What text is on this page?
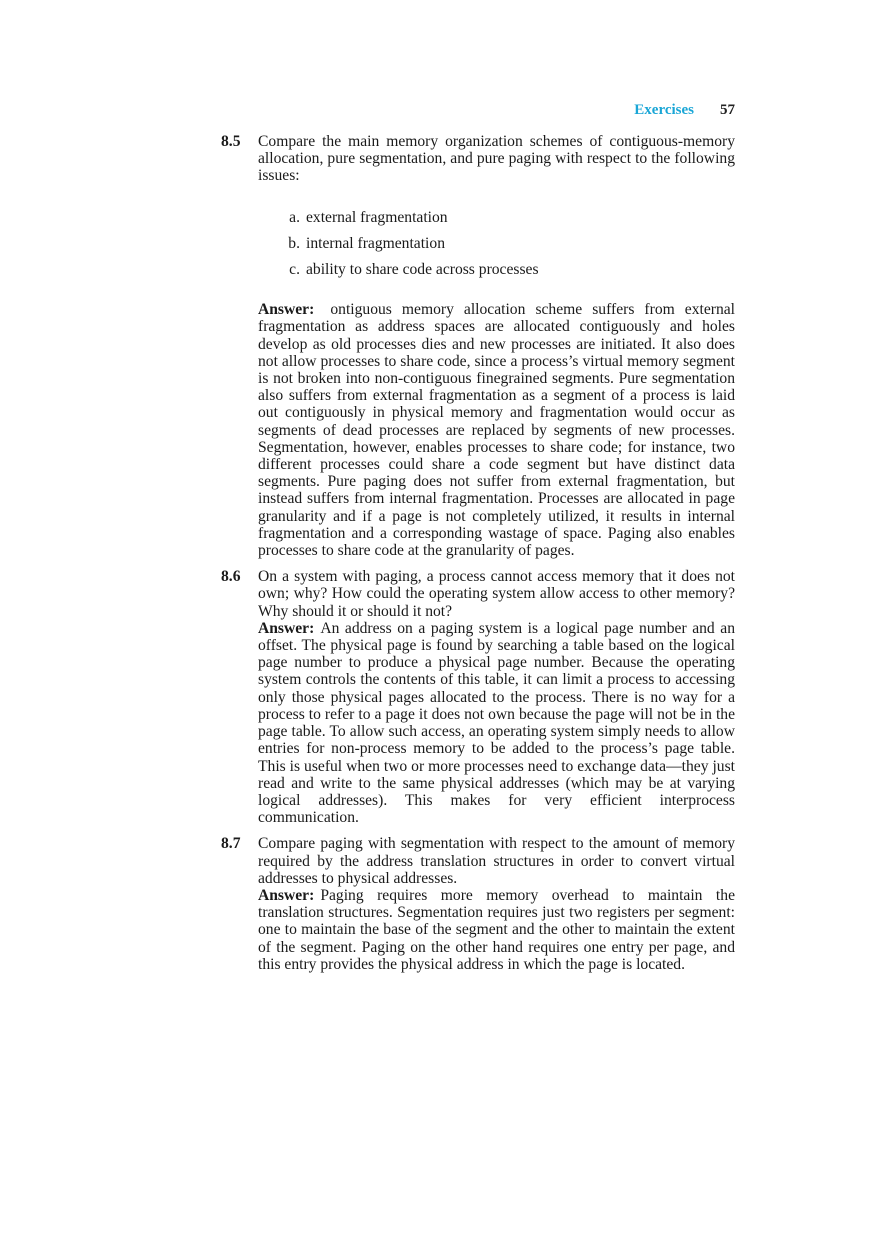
Exercises 57
8.5	Compare the main memory organization schemes of contiguous-memory allocation, pure segmentation, and pure paging with respect to the following issues:

a. external fragmentation
b. internal fragmentation
c. ability to share code across processes

Answer: ontiguous memory allocation scheme suffers from external fragmentation as address spaces are allocated contiguously and holes develop as old processes dies and new processes are initiated. It also does not allow processes to share code, since a process’s virtual memory segment is not broken into non-contiguous finegrained segments. Pure segmentation also suffers from external fragmentation as a segment of a process is laid out contiguously in physical memory and fragmentation would occur as segments of dead processes are replaced by segments of new processes. Segmentation, however, enables processes to share code; for instance, two different processes could share a code segment but have distinct data segments. Pure paging does not suffer from external fragmentation, but instead suffers from internal fragmentation. Processes are allocated in page granularity and if a page is not completely utilized, it results in internal fragmentation and a corresponding wastage of space. Paging also enables processes to share code at the granularity of pages.

8.6	On a system with paging, a process cannot access memory that it does not own; why? How could the operating system allow access to other memory? Why should it or should it not?

Answer: An address on a paging system is a logical page number and an offset. The physical page is found by searching a table based on the logical page number to produce a physical page number. Because the operating system controls the contents of this table, it can limit a process to accessing only those physical pages allocated to the process. There is no way for a process to refer to a page it does not own because the page will not be in the page table. To allow such access, an operating system simply needs to allow entries for non-process memory to be added to the process’s page table. This is useful when two or more processes need to exchange data—they just read and write to the same physical addresses (which may be at varying logical addresses). This makes for very efficient interprocess communication.

8.7	Compare paging with segmentation with respect to the amount of memory required by the address translation structures in order to convert virtual addresses to physical addresses.

Answer: Paging requires more memory overhead to maintain the translation structures. Segmentation requires just two registers per segment: one to maintain the base of the segment and the other to maintain the extent of the segment. Paging on the other hand requires one entry per page, and this entry provides the physical address in which the page is located.
